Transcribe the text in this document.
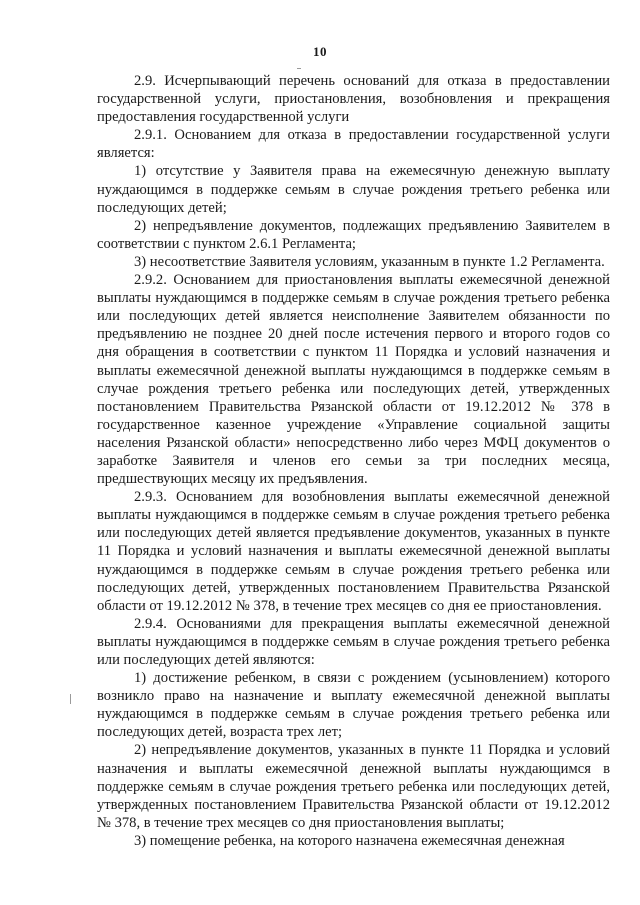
10

2.9. Исчерпывающий перечень оснований для отказа в предоставлении государственной услуги, приостановления, возобновления и прекращения предоставления государственной услуги

2.9.1. Основанием для отказа в предоставлении государственной услуги является:

1) отсутствие у Заявителя права на ежемесячную денежную выплату нуждающимся в поддержке семьям в случае рождения третьего ребенка или последующих детей;

2) непредъявление документов, подлежащих предъявлению Заявителем в соответствии с пунктом 2.6.1 Регламента;

3) несоответствие Заявителя условиям, указанным в пункте 1.2 Регламента.

2.9.2. Основанием для приостановления выплаты ежемесячной денежной выплаты нуждающимся в поддержке семьям в случае рождения третьего ребенка или последующих детей является неисполнение Заявителем обязанности по предъявлению не позднее 20 дней после истечения первого и второго годов со дня обращения в соответствии с пунктом 11 Порядка и условий назначения и выплаты ежемесячной денежной выплаты нуждающимся в поддержке семьям в случае рождения третьего ребенка или последующих детей, утвержденных постановлением Правительства Рязанской области от 19.12.2012 № 378 в государственное казенное учреждение «Управление социальной защиты населения Рязанской области» непосредственно либо через МФЦ документов о заработке Заявителя и членов его семьи за три последних месяца, предшествующих месяцу их предъявления.

2.9.3. Основанием для возобновления выплаты ежемесячной денежной выплаты нуждающимся в поддержке семьям в случае рождения третьего ребенка или последующих детей является предъявление документов, указанных в пункте 11 Порядка и условий назначения и выплаты ежемесячной денежной выплаты нуждающимся в поддержке семьям в случае рождения третьего ребенка или последующих детей, утвержденных постановлением Правительства Рязанской области от 19.12.2012 № 378, в течение трех месяцев со дня ее приостановления.

2.9.4. Основаниями для прекращения выплаты ежемесячной денежной выплаты нуждающимся в поддержке семьям в случае рождения третьего ребенка или последующих детей являются:

1) достижение ребенком, в связи с рождением (усыновлением) которого возникло право на назначение и выплату ежемесячной денежной выплаты нуждающимся в поддержке семьям в случае рождения третьего ребенка или последующих детей, возраста трех лет;

2) непредъявление документов, указанных в пункте 11 Порядка и условий назначения и выплаты ежемесячной денежной выплаты нуждающимся в поддержке семьям в случае рождения третьего ребенка или последующих детей, утвержденных постановлением Правительства Рязанской области от 19.12.2012 № 378, в течение трех месяцев со дня приостановления выплаты;

3) помещение ребенка, на которого назначена ежемесячная денежная
